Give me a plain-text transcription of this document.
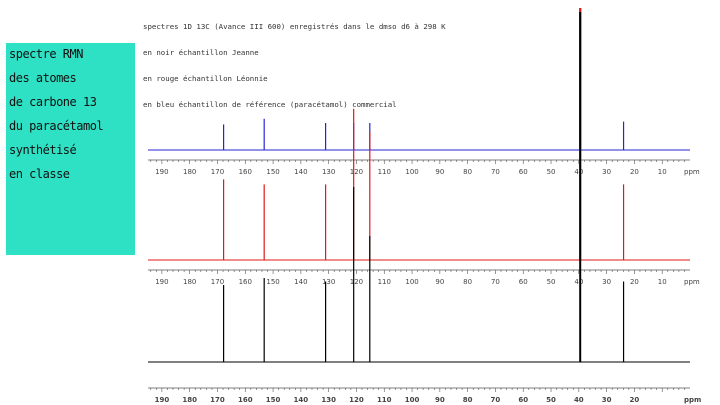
spectres 1D 13C (Avance III 600) enregistrés dans le dmso d6 à 298 K

en noir échantillon Jeanne

en rouge échantillon Léonnie

en bleu échantillon de référence (paracétamol) commercial

spectre RMN
des atomes
de carbone 13
du paracétamol
synthétisé
en classe	190 180 170 160 150 140 130 120 110 100 90	80	70	60	50	40	30	20	10 ppm
190 180 170 160 150 140 130 120 110 100 90	80	70	60	50	40	30	20	10 ppm
190 180 170 160 150 140 130 120 110 100 90	80	70	60	50	40	30	20	ppm
